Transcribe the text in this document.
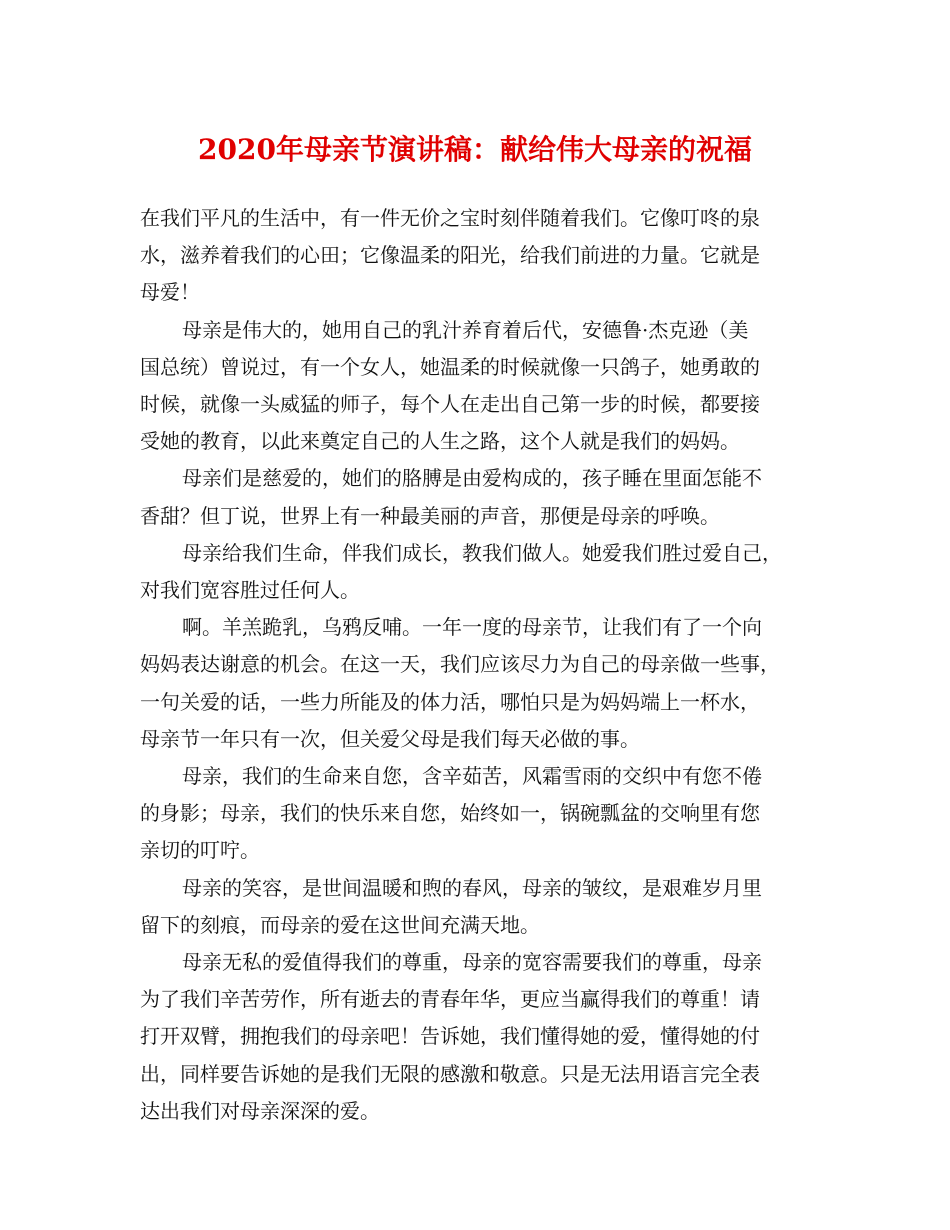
2020年母亲节演讲稿：献给伟大母亲的祝福

在我们平凡的生活中，有一件无价之宝时刻伴随着我们。它像叮咚的泉
水，滋养着我们的心田；它像温柔的阳光，给我们前进的力量。它就是
母爱！

母亲是伟大的，她用自己的乳汁养育着后代，安德鲁·杰克逊（美
国总统）曾说过，有一个女人，她温柔的时候就像一只鸽子，她勇敢的
时候，就像一头威猛的师子，每个人在走出自己第一步的时候，都要接
受她的教育，以此来奠定自己的人生之路，这个人就是我们的妈妈。

母亲们是慈爱的，她们的胳膊是由爱构成的，孩子睡在里面怎能不
香甜？但丁说，世界上有一种最美丽的声音，那便是母亲的呼唤。

母亲给我们生命，伴我们成长，教我们做人。她爱我们胜过爱自己，
对我们宽容胜过任何人。

啊。羊羔跪乳，乌鸦反哺。一年一度的母亲节，让我们有了一个向
妈妈表达谢意的机会。在这一天，我们应该尽力为自己的母亲做一些事，
一句关爱的话，一些力所能及的体力活，哪怕只是为妈妈端上一杯水，
母亲节一年只有一次，但关爱父母是我们每天必做的事。

母亲，我们的生命来自您，含辛茹苦，风霜雪雨的交织中有您不倦
的身影；母亲，我们的快乐来自您，始终如一，锅碗瓢盆的交响里有您
亲切的叮咛。

母亲的笑容，是世间温暖和煦的春风，母亲的皱纹，是艰难岁月里
留下的刻痕，而母亲的爱在这世间充满天地。

母亲无私的爱值得我们的尊重，母亲的宽容需要我们的尊重，母亲
为了我们辛苦劳作，所有逝去的青春年华，更应当赢得我们的尊重！请
打开双臂，拥抱我们的母亲吧！告诉她，我们懂得她的爱，懂得她的付
出，同样要告诉她的是我们无限的感激和敬意。只是无法用语言完全表
达出我们对母亲深深的爱。
